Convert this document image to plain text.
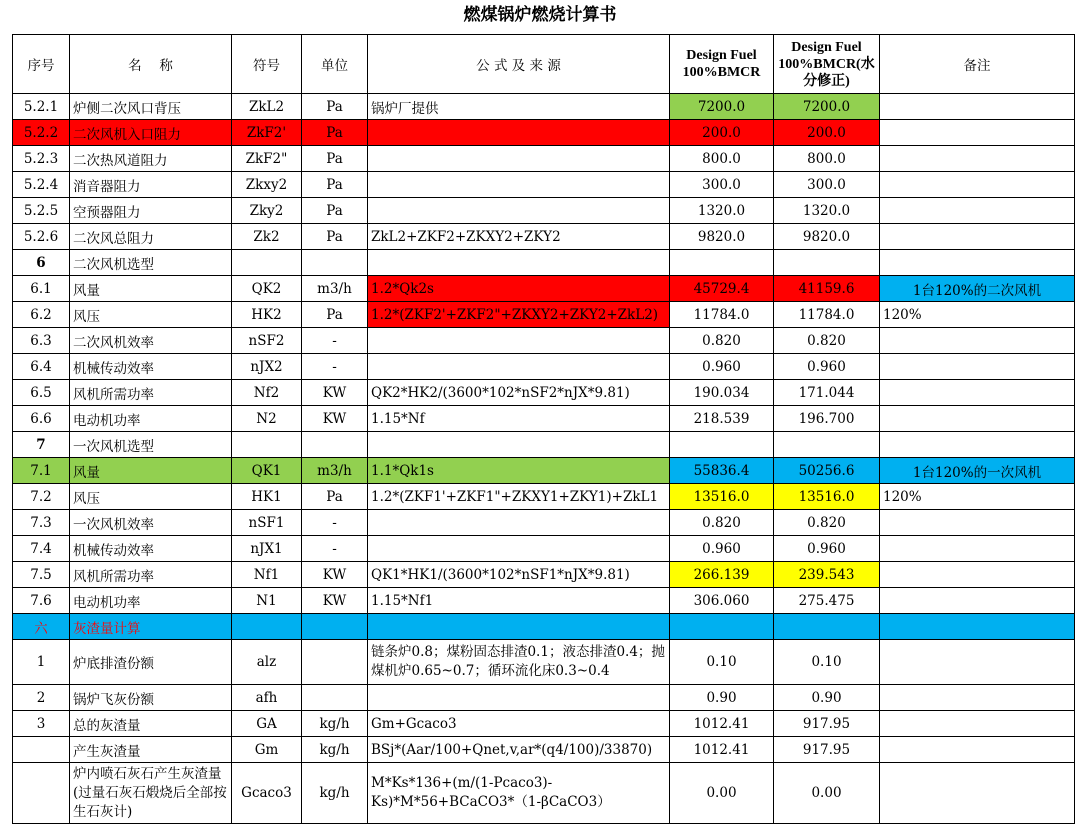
燃煤锅炉燃烧计算书
序号	名　 称	符号	单位	公 式 及 来 源	Design Fuel 100%BMCR	Design Fuel 100%BMCR(水分修正)	备注
5.2.1	炉侧二次风口背压	ZkL2	Pa	锅炉厂提供	7200.0	7200.0	
5.2.2	二次风机入口阻力	ZkF2'	Pa		200.0	200.0	
5.2.3	二次热风道阻力	ZkF2"	Pa		800.0	800.0	
5.2.4	消音器阻力	Zkxy2	Pa		300.0	300.0	
5.2.5	空预器阻力	Zky2	Pa		1320.0	1320.0	
5.2.6	二次风总阻力	Zk2	Pa	ZkL2+ZKF2+ZKXY2+ZKY2	9820.0	9820.0	
6	二次风机选型						
6.1	风量	QK2	m3/h	1.2*Qk2s	45729.4	41159.6	1台120%的二次风机
6.2	风压	HK2	Pa	1.2*(ZKF2'+ZKF2"+ZKXY2+ZKY2+ZkL2)	11784.0	11784.0	120%
6.3	二次风机效率	nSF2	-		0.820	0.820	
6.4	机械传动效率	nJX2	-		0.960	0.960	
6.5	风机所需功率	Nf2	KW	QK2*HK2/(3600*102*nSF2*nJX*9.81)	190.034	171.044	
6.6	电动机功率	N2	KW	1.15*Nf	218.539	196.700	
7	一次风机选型						
7.1	风量	QK1	m3/h	1.1*Qk1s	55836.4	50256.6	1台120%的一次风机
7.2	风压	HK1	Pa	1.2*(ZKF1'+ZKF1"+ZKXY1+ZKY1)+ZkL1	13516.0	13516.0	120%
7.3	一次风机效率	nSF1	-		0.820	0.820	
7.4	机械传动效率	nJX1	-		0.960	0.960	
7.5	风机所需功率	Nf1	KW	QK1*HK1/(3600*102*nSF1*nJX*9.81)	266.139	239.543	
7.6	电动机功率	N1	KW	1.15*Nf1	306.060	275.475	
六	灰渣量计算						
1	炉底排渣份额	alz		链条炉0.8；煤粉固态排渣0.1；液态排渣0.4；抛煤机炉0.65~0.7；循环流化床0.3~0.4	0.10	0.10	
2	锅炉飞灰份额	afh			0.90	0.90	
3	总的灰渣量	GA	kg/h	Gm+Gcaco3	1012.41	917.95	
	产生灰渣量	Gm	kg/h	BSj*(Aar/100+Qnet,v,ar*(q4/100)/33870)	1012.41	917.95	
	炉内喷石灰石产生灰渣量(过量石灰石煅烧后全部按生石灰计)	Gcaco3	kg/h	M*Ks*136+(m/(1-Pcaco3)-Ks)*M*56+BCaCO3*（1-βCaCO3）	0.00	0.00	
